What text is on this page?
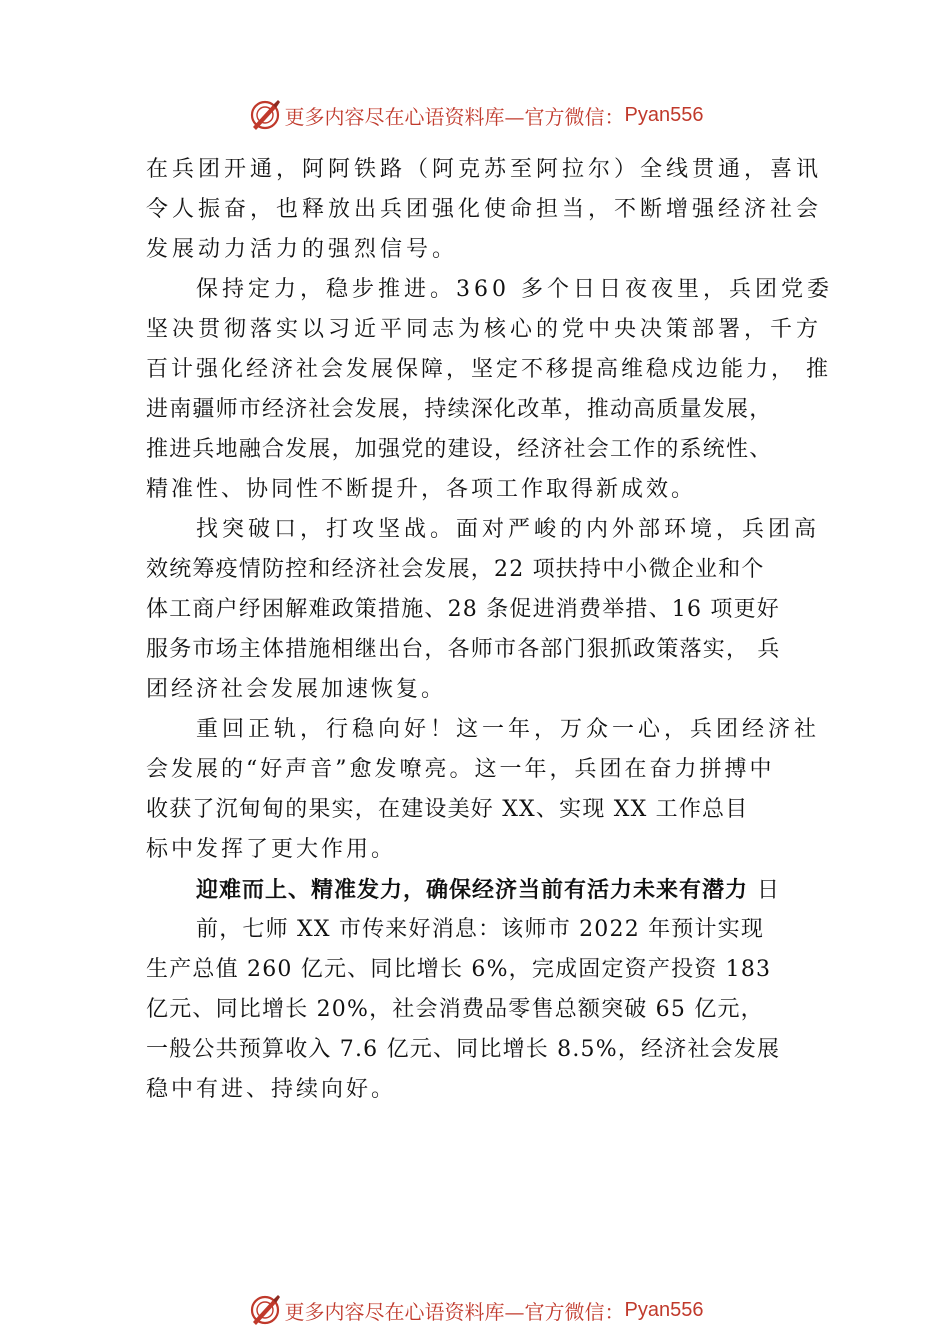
更多内容尽在心语资料库—官方微信： Pyan556
在兵团开通，阿阿铁路（阿克苏至阿拉尔）全线贯通，喜讯
令人振奋，也释放出兵团强化使命担当，不断增强经济社会
发展动力活力的强烈信号。
保持定力，稳步推进。360 多个日日夜夜里，兵团党委
坚决贯彻落实以习近平同志为核心的党中央决策部署，千方
百计强化经济社会发展保障，坚定不移提高维稳戍边能力， 推
进南疆师市经济社会发展，持续深化改革，推动高质量发展，
推进兵地融合发展，加强党的建设，经济社会工作的系统性、
精准性、协同性不断提升，各项工作取得新成效。
找突破口，打攻坚战。面对严峻的内外部环境，兵团高
效统筹疫情防控和经济社会发展，22 项扶持中小微企业和个
体工商户纾困解难政策措施、28 条促进消费举措、16 项更好
服务市场主体措施相继出台，各师市各部门狠抓政策落实， 兵
团经济社会发展加速恢复。
重回正轨，行稳向好！这一年，万众一心，兵团经济社
会发展的“好声音”愈发嘹亮。这一年，兵团在奋力拼搏中
收获了沉甸甸的果实，在建设美好 XX、实现 XX 工作总目
标中发挥了更大作用。
迎难而上、精准发力，确保经济当前有活力未来有潜力 日
前，七师 XX 市传来好消息：该师市 2022 年预计实现
生产总值 260 亿元、同比增长 6%，完成固定资产投资 183
亿元、同比增长 20%，社会消费品零售总额突破 65 亿元，
一般公共预算收入 7.6 亿元、同比增长 8.5%，经济社会发展
稳中有进、持续向好。
更多内容尽在心语资料库—官方微信： Pyan556
